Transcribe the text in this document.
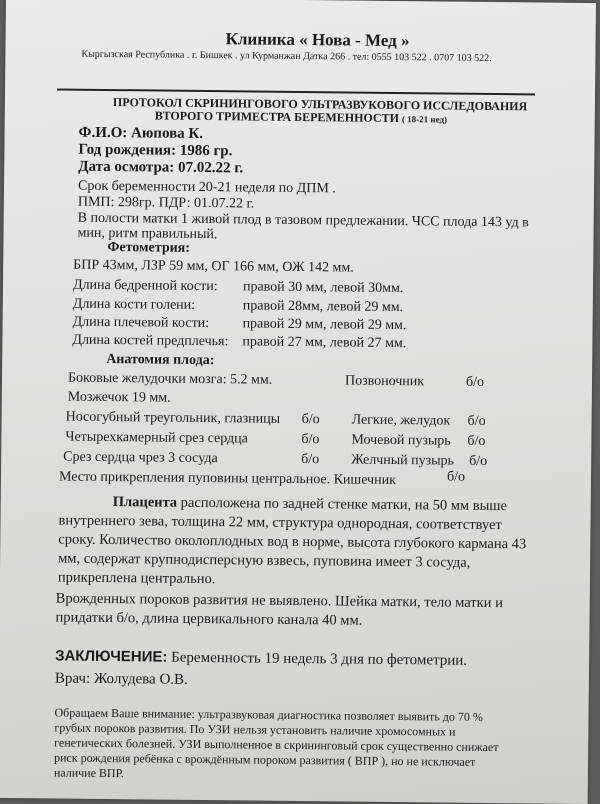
Клиника « Нова - Мед »
Кыргызская Республика . г. Бишкек . ул Курманжан Датка 266 . тел: 0555 103 522 . 0707 103 522.
ПРОТОКОЛ СКРИНИНГОВОГО УЛЬТРАЗВУКОВОГО ИССЛЕДОВАНИЯ
ВТОРОГО ТРИМЕСТРА БЕРЕМЕННОСТИ ( 18-21 нед)
Ф.И.О: Аюпова К.
Год рождения: 1986 гр.
Дата осмотра: 07.02.22 г.
Срок беременности 20-21 неделя по ДПМ .
ПМП: 298гр. ПДР: 01.07.22 г.
В полости матки 1 живой плод в тазовом предлежании. ЧСС плода 143 уд в
мин, ритм правильный.
Фетометрия:
БПР 43мм, ЛЗР 59 мм, ОГ 166 мм, ОЖ 142 мм.
Длина бедренной кости: правой 30 мм, левой 30мм.
Длина кости голени:	правой 28мм, левой 29 мм.
Длина плечевой кости: правой 29 мм, левой 29 мм.
Длина костей предплечья: правой 27 мм, левой 27 мм.
Анатомия плода:
Боковые желудочки мозга: 5.2 мм.	Позвоночник	б/о
Мозжечок 19 мм.
Носогубный треугольник, глазницы б/о Легкие, желудок б/о
Четырехкамерный срез сердца	б/о Мочевой пузырь б/о
Срез сердца чрез 3 сосуда	б/о Желчный пузырь б/о
Место прикрепления пуповины центральное. Кишечник	б/о
Плацента расположена по задней стенке матки, на 50 мм выше
внутреннего зева, толщина 22 мм, структура однородная, соответствует
сроку. Количество околоплодных вод в норме, высота глубокого кармана 43
мм, содержат крупнодисперсную взвесь, пуповина имеет 3 сосуда,
прикреплена центрально.
Врожденных пороков развития не выявлено. Шейка матки, тело матки и
придатки б/о, длина цервикального канала 40 мм.
ЗАКЛЮЧЕНИЕ: Беременность 19 недель 3 дня по фетометрии.
Врач: Жолудева О.В.
Обращаем Ваше внимание: ультразвуковая диагностика позволяет выявить до 70 %
грубых пороков развития. По УЗИ нельзя установить наличие хромосомных и
генетических болезней. УЗИ выполненное в скрининговый срок существенно снижает
риск рождения ребёнка с врождённым пороком развития ( ВПР ), но не исключает
наличие ВПР.
